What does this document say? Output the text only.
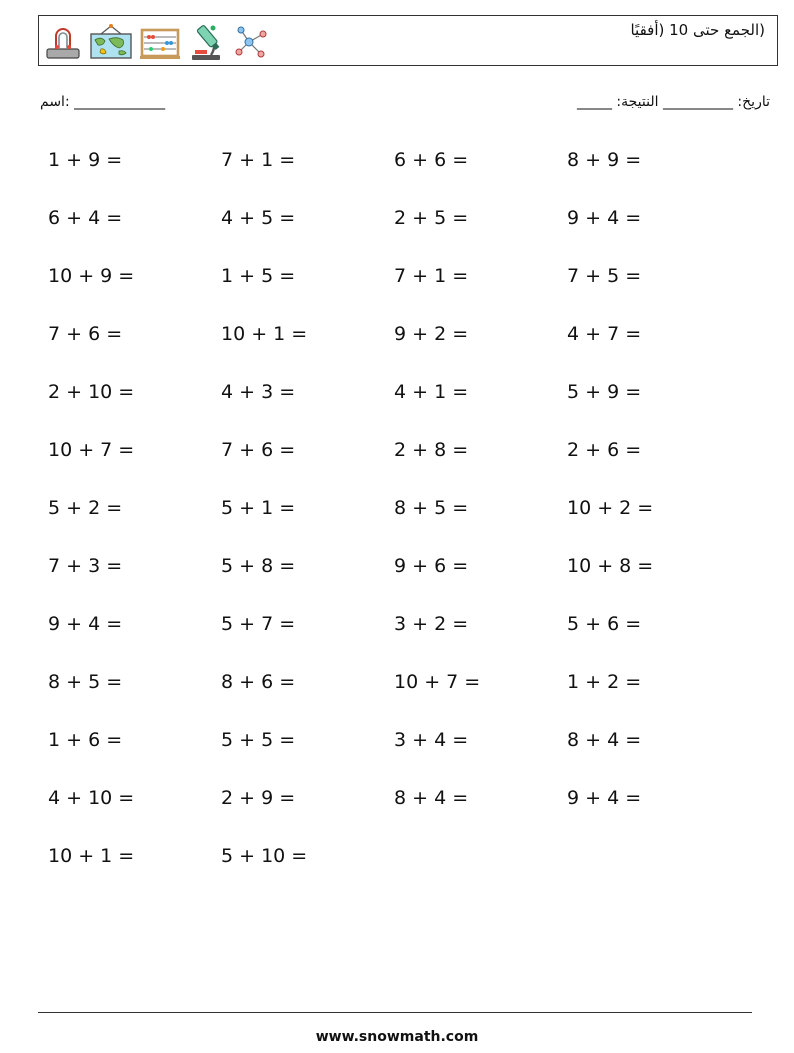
(الجمع حتى 10 (أفقيًا
اسم: _____________	_____ :تاريخ: __________ النتيجة
1 + 9 =	7 + 1 =	6 + 6 =	8 + 9 =
6 + 4 =	4 + 5 =	2 + 5 =	9 + 4 =
10 + 9 =	1 + 5 =	7 + 1 =	7 + 5 =
7 + 6 =	10 + 1 =	9 + 2 =	4 + 7 =
2 + 10 =	4 + 3 =	4 + 1 =	5 + 9 =
10 + 7 =	7 + 6 =	2 + 8 =	2 + 6 =
5 + 2 =	5 + 1 =	8 + 5 =	10 + 2 =
7 + 3 =	5 + 8 =	9 + 6 =	10 + 8 =
9 + 4 =	5 + 7 =	3 + 2 =	5 + 6 =
8 + 5 =	8 + 6 =	10 + 7 =	1 + 2 =
1 + 6 =	5 + 5 =	3 + 4 =	8 + 4 =
4 + 10 =	2 + 9 =	8 + 4 =	9 + 4 =
10 + 1 =	5 + 10 =
www.snowmath.com
